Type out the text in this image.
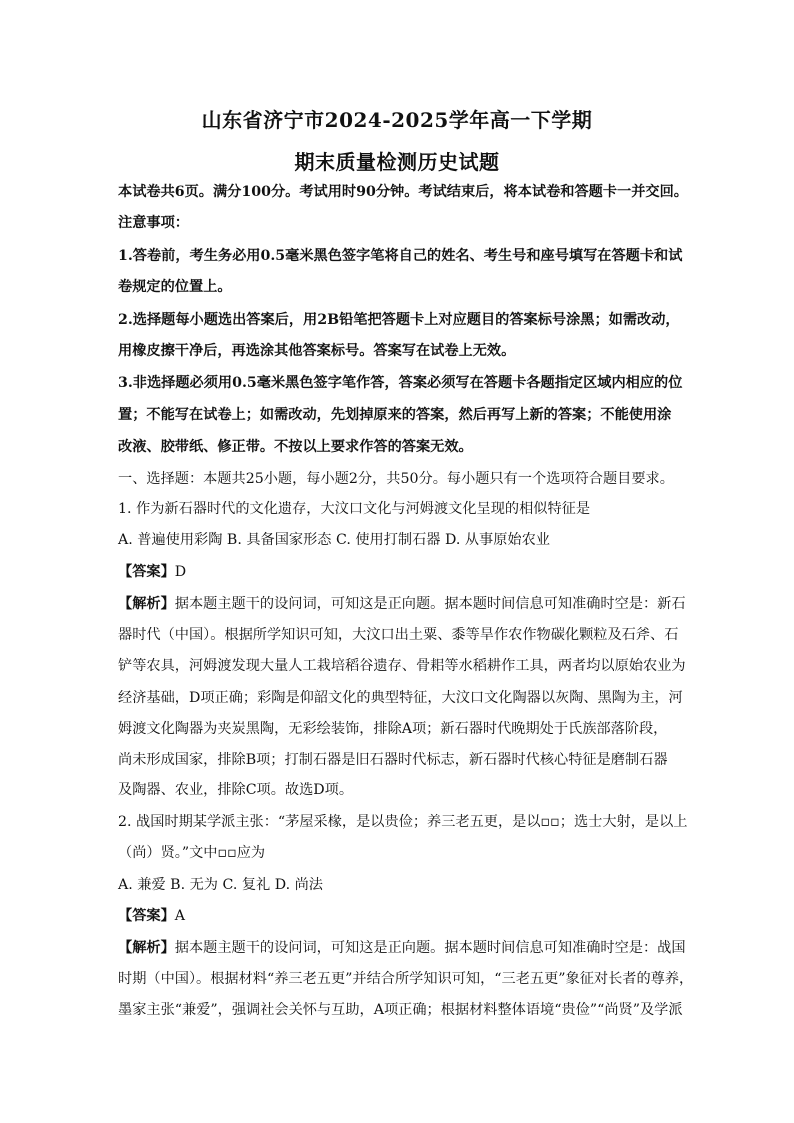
山东省济宁市2024-2025学年高一下学期
期末质量检测历史试题
本试卷共6页。满分100分。考试用时90分钟。考试结束后，将本试卷和答题卡一并交回。
注意事项：
1.答卷前，考生务必用0.5毫米黑色签字笔将自己的姓名、考生号和座号填写在答题卡和试
卷规定的位置上。
2.选择题每小题选出答案后，用2B铅笔把答题卡上对应题目的答案标号涂黑；如需改动，
用橡皮擦干净后，再选涂其他答案标号。答案写在试卷上无效。
3.非选择题必须用0.5毫米黑色签字笔作答，答案必须写在答题卡各题指定区域内相应的位
置；不能写在试卷上；如需改动，先划掉原来的答案，然后再写上新的答案；不能使用涂
改液、胶带纸、修正带。不按以上要求作答的答案无效。
一、选择题：本题共25小题，每小题2分，共50分。每小题只有一个选项符合题目要求。
1. 作为新石器时代的文化遗存，大汶口文化与河姆渡文化呈现的相似特征是
A. 普遍使用彩陶 B. 具备国家形态 C. 使用打制石器 D. 从事原始农业
【答案】D
【解析】据本题主题干的设问词，可知这是正向题。据本题时间信息可知准确时空是：新石
器时代（中国）。根据所学知识可知，大汶口出土粟、黍等旱作农作物碳化颗粒及石斧、石
铲等农具，河姆渡发现大量人工栽培稻谷遗存、骨耜等水稻耕作工具，两者均以原始农业为
经济基础，D项正确；彩陶是仰韶文化的典型特征，大汶口文化陶器以灰陶、黑陶为主，河
姆渡文化陶器为夹炭黑陶，无彩绘装饰，排除A项；新石器时代晚期处于氏族部落阶段，
尚未形成国家，排除B项；打制石器是旧石器时代标志，新石器时代核心特征是磨制石器
及陶器、农业，排除C项。故选D项。
2. 战国时期某学派主张：“茅屋采椽，是以贵俭；养三老五更，是以▫▫；选士大射，是以上
（尚）贤。”文中▫▫应为
A. 兼爱 B. 无为 C. 复礼 D. 尚法
【答案】A
【解析】据本题主题干的设问词，可知这是正向题。据本题时间信息可知准确时空是：战国
时期（中国）。根据材料“养三老五更”并结合所学知识可知，“三老五更”象征对长者的尊养，
墨家主张“兼爱”，强调社会关怀与互助，A项正确；根据材料整体语境“贵俭”“尚贤”及学派
